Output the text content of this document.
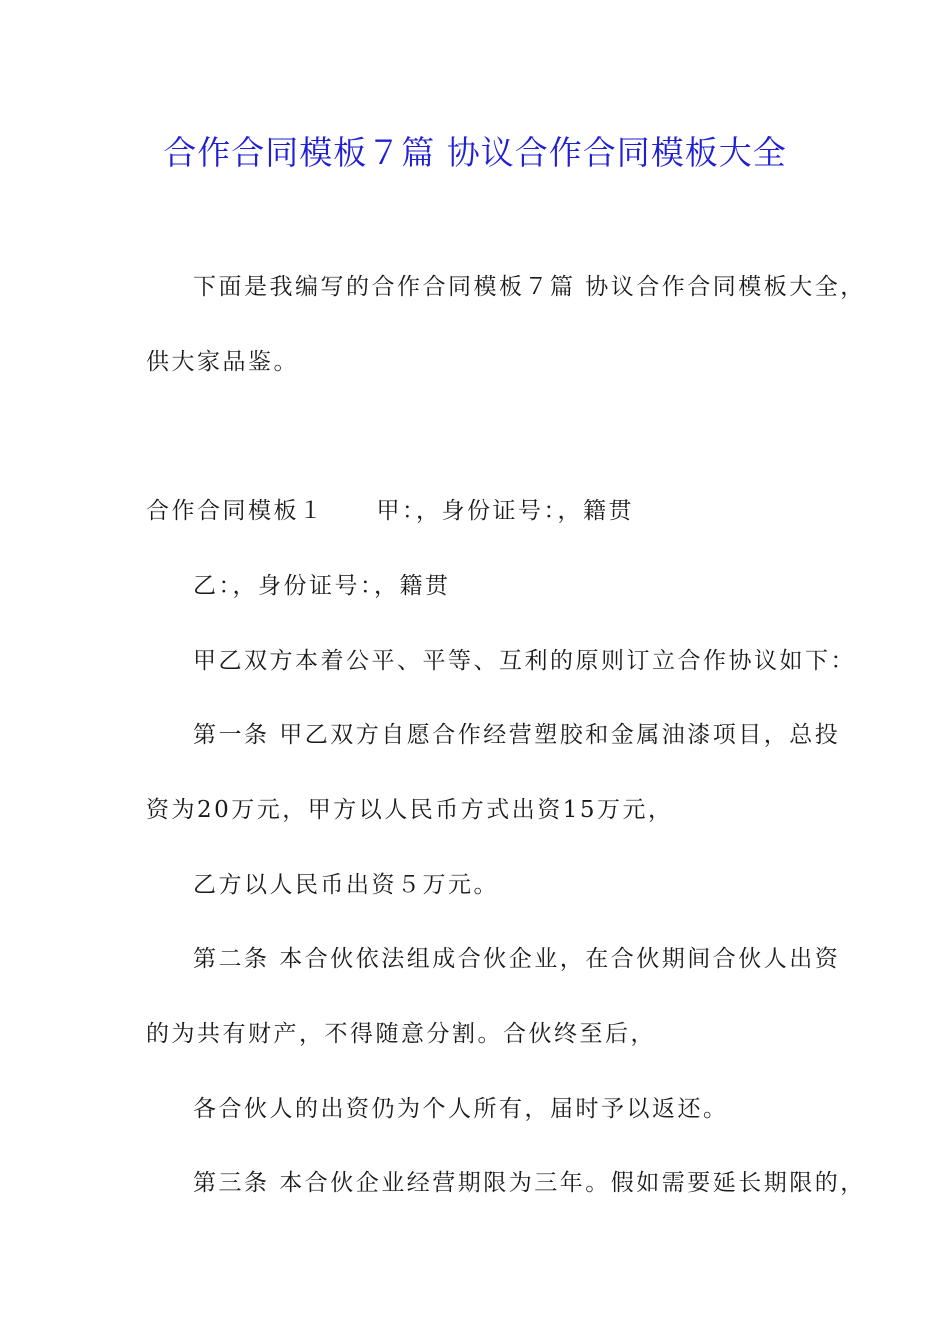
合作合同模板７篇 协议合作合同模板大全
下面是我编写的合作合同模板７篇 协议合作合同模板大全，
供大家品鉴。
合作合同模板１ 甲：，身份证号：，籍贯
乙：，身份证号：，籍贯
甲乙双方本着公平、平等、互利的原则订立合作协议如下：
第一条 甲乙双方自愿合作经营塑胶和金属油漆项目，总投
资为20万元，甲方以人民币方式出资15万元，
乙方以人民币出资５万元。
第二条 本合伙依法组成合伙企业，在合伙期间合伙人出资
的为共有财产，不得随意分割。合伙终至后，
各合伙人的出资仍为个人所有，届时予以返还。
第三条 本合伙企业经营期限为三年。假如需要延长期限的，
